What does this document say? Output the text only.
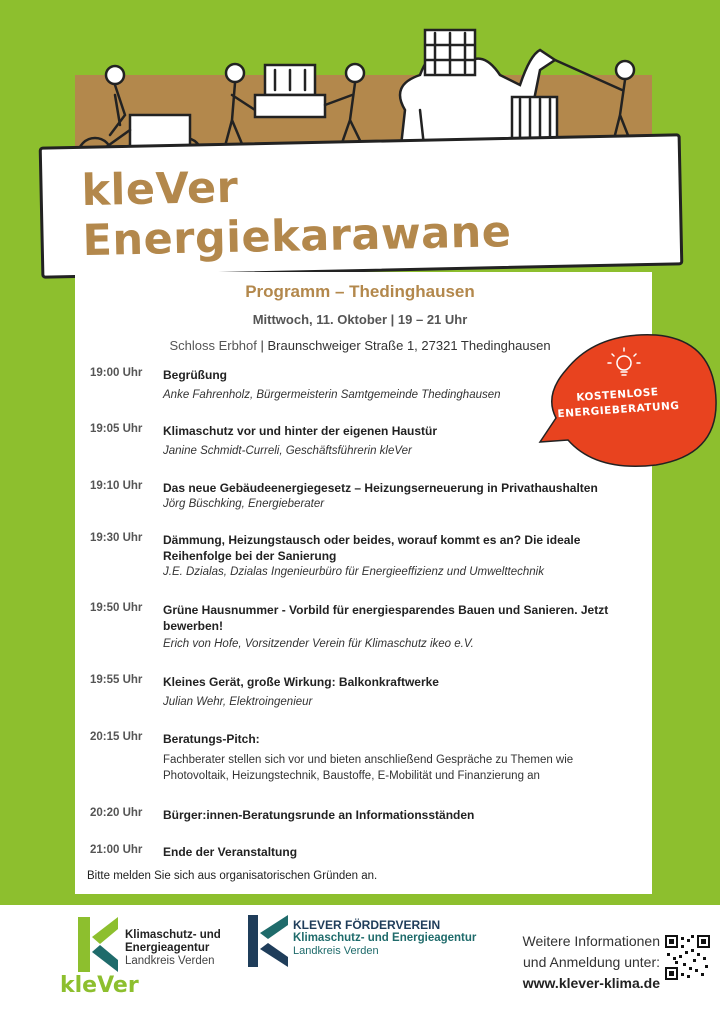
kleVer Energiekarawane
Programm – Thedinghausen
Mittwoch, 11. Oktober | 19 – 21 Uhr
Schloss Erbhof | Braunschweiger Straße 1, 27321 Thedinghausen
19:00 Uhr Begrüßung
Anke Fahrenholz, Bürgermeisterin Samtgemeinde Thedinghausen
19:05 Uhr Klimaschutz vor und hinter der eigenen Haustür
Janine Schmidt-Curreli, Geschäftsführerin kleVer
19:10 Uhr Das neue Gebäudeenergiegesetz – Heizungserneuerung in Privathaushalten
Jörg Büschking, Energieberater
19:30 Uhr Dämmung, Heizungstausch oder beides, worauf kommt es an? Die ideale Reihenfolge bei der Sanierung
J.E. Dzialas, Dzialas Ingenieurbüro für Energieeffizienz und Umwelttechnik
19:50 Uhr Grüne Hausnummer - Vorbild für energiesparendes Bauen und Sanieren. Jetzt bewerben!
Erich von Hofe, Vorsitzender Verein für Klimaschutz ikeo e.V.
19:55 Uhr Kleines Gerät, große Wirkung: Balkonkraftwerke
Julian Wehr, Elektroingenieur
20:15 Uhr Beratungs-Pitch:
Fachberater stellen sich vor und bieten anschließend Gespräche zu Themen wie Photovoltaik, Heizungstechnik, Baustoffe, E-Mobilität und Finanzierung an
20:20 Uhr Bürger:innen-Beratungsrunde an Informationsständen
21:00 Uhr Ende der Veranstaltung
Bitte melden Sie sich aus organisatorischen Gründen an.
KOSTENLOSE
ENERGIEBERATUNG
Klimaschutz- und
Energieagentur
Landkreis Verden
kleVer
KLEVER FÖRDERVEREIN
Klimaschutz- und Energieagentur
Landkreis Verden
Weitere Informationen
und Anmeldung unter:
www.klever-klima.de
